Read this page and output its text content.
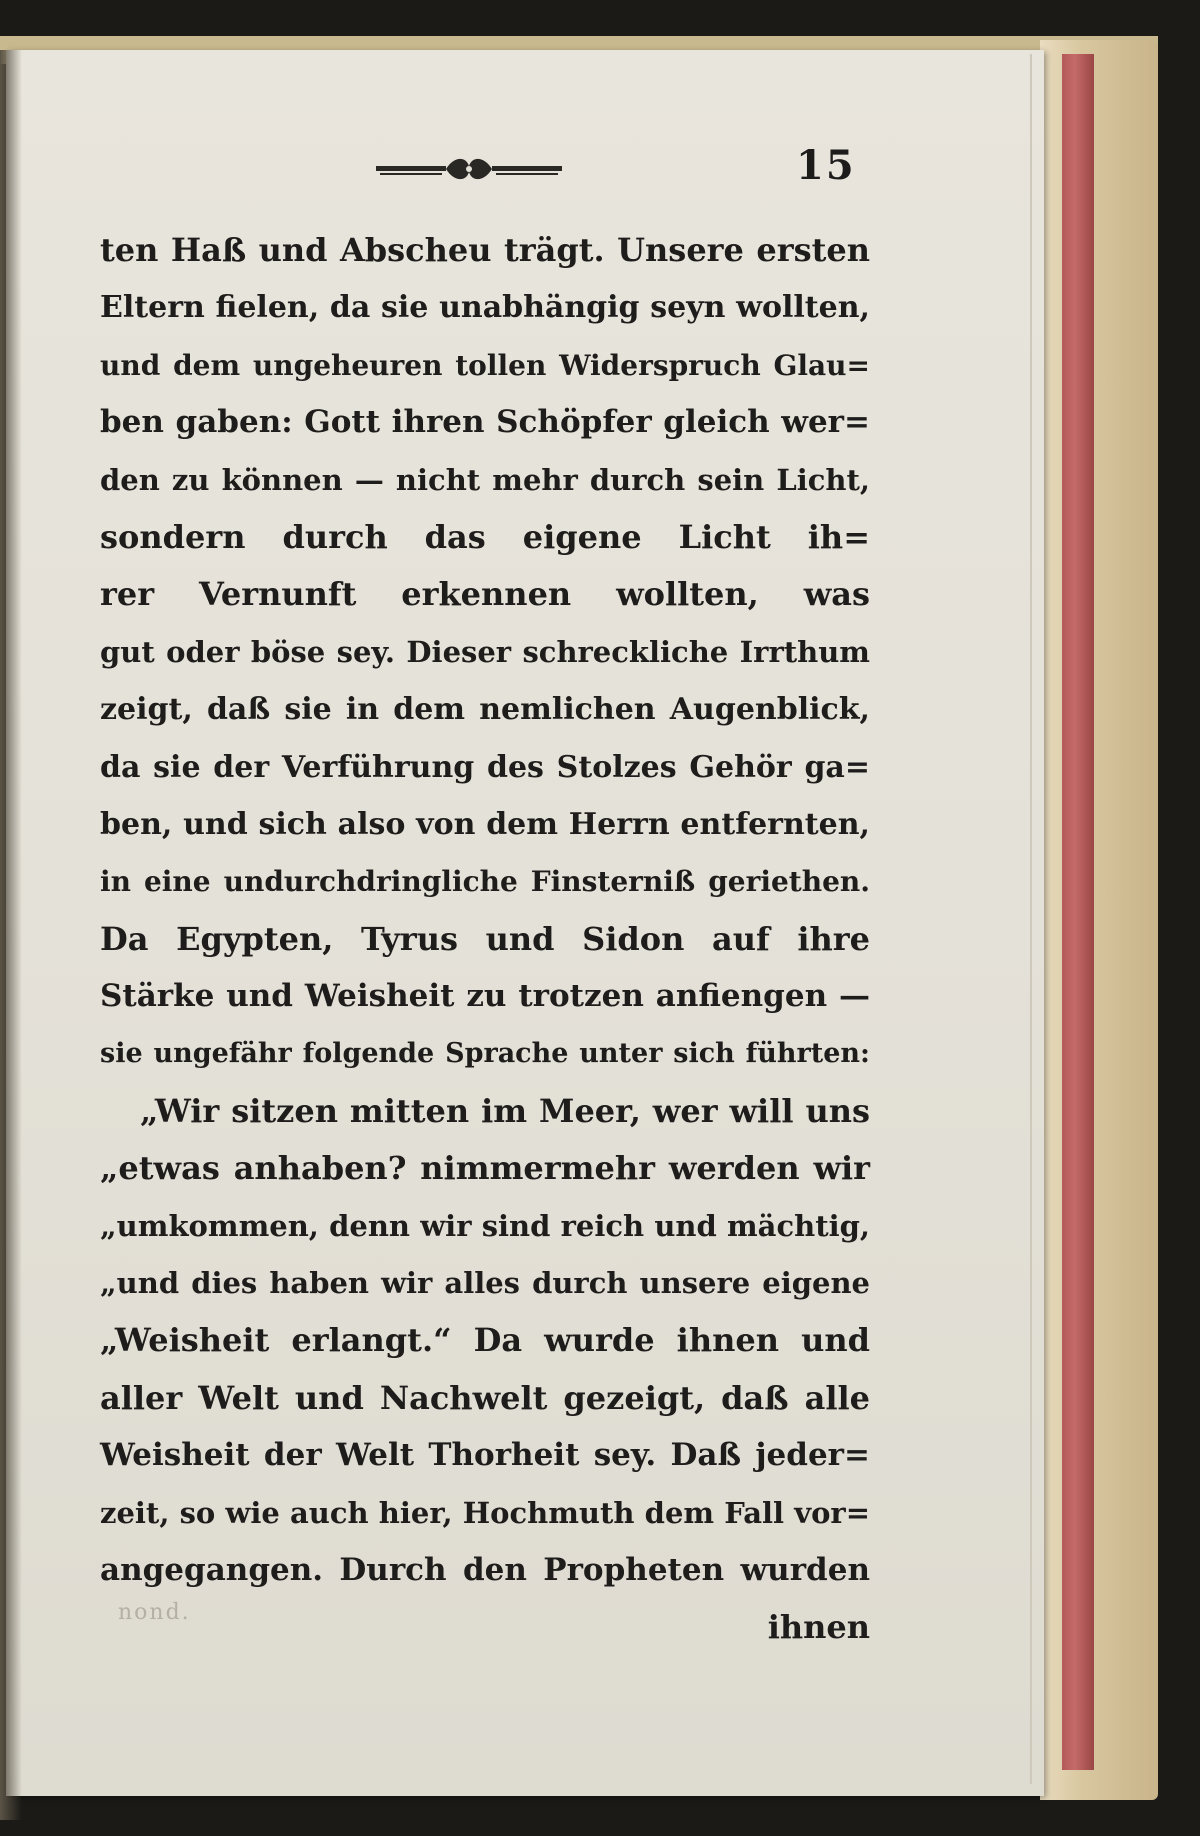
15
ten Haß und Abscheu trägt. Unsere ersten
Eltern fielen, da sie unabhängig seyn wollten,
und dem ungeheuren tollen Widerspruch Glau=
ben gaben: Gott ihren Schöpfer gleich wer=
den zu können — nicht mehr durch sein Licht,
sondern durch das eigene Licht ih=
rer Vernunft erkennen wollten, was
gut oder böse sey. Dieser schreckliche Irrthum
zeigt, daß sie in dem nemlichen Augenblick,
da sie der Verführung des Stolzes Gehör ga=
ben, und sich also von dem Herrn entfernten,
in eine undurchdringliche Finsterniß geriethen.
Da Egypten, Tyrus und Sidon auf ihre
Stärke und Weisheit zu trotzen anfiengen —
sie ungefähr folgende Sprache unter sich führten:
„Wir sitzen mitten im Meer, wer will uns
„etwas anhaben? nimmermehr werden wir
„umkommen, denn wir sind reich und mächtig,
„und dies haben wir alles durch unsere eigene
„Weisheit erlangt.“ Da wurde ihnen und
aller Welt und Nachwelt gezeigt, daß alle
Weisheit der Welt Thorheit sey. Daß jeder=
zeit, so wie auch hier, Hochmuth dem Fall vor=
angegangen. Durch den Propheten wurden
ihnen
nond.
